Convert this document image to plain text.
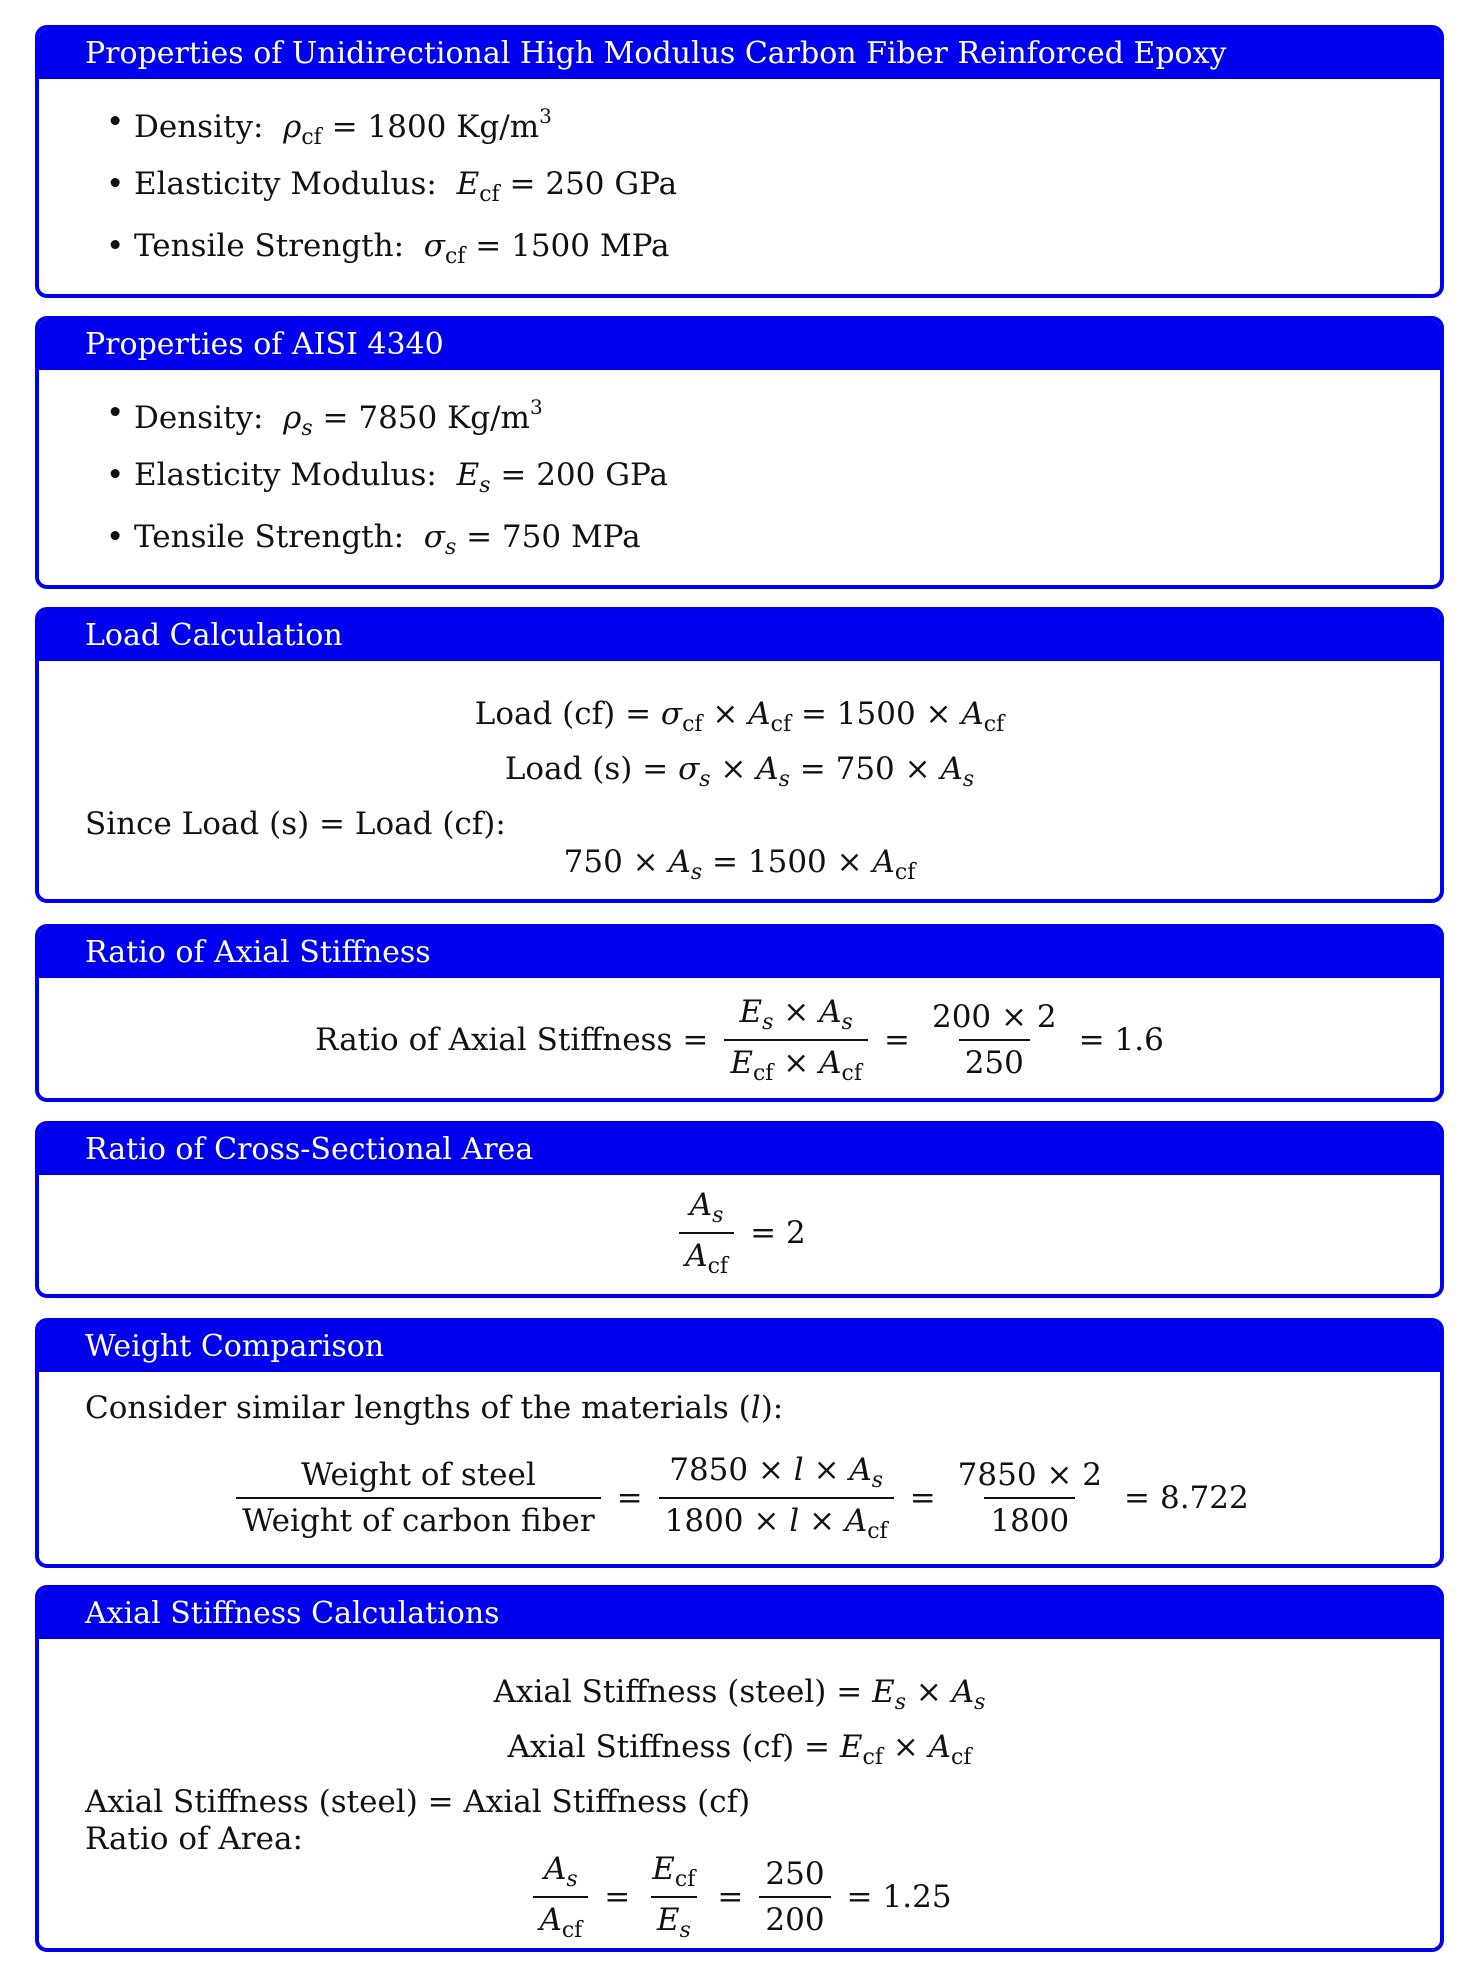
Properties of Unidirectional High Modulus Carbon Fiber Reinforced Epoxy
• Density:  $\rho_{cf} = 1800$ $Kg/m^3$
• Elasticity Modulus:  $E_{cf} = 250$ GPa
• Tensile Strength:  $\sigma_{cf} = 1500$ MPa
Properties of AISI 4340
• Density:  $\rho_s = 7850$ $Kg/m^3$
• Elasticity Modulus:  $E_s = 200$ GPa
• Tensile Strength:  $\sigma_s = 750$ MPa
Load Calculation
Load $(cf) = \sigma_{cf} \times A_{cf} = 1500 \times A_{cf}$
Load $(s) = \sigma_s \times A_s = 750 \times A_s$
Since Load (s) = Load (cf):
$750 \times A_s = 1500 \times A_{cf}$
Ratio of Axial Stiffness
Ratio of Axial Stiffness = $\frac{E_s \times A_s}{E_{cf} \times A_{cf}} = \frac{200 \times 2}{250} = 1.6$
Ratio of Cross-Sectional Area
$\frac{A_s}{A_{cf}} = 2$
Weight Comparison
Consider similar lengths of the materials (l):
$\frac{\text{Weight of steel}}{\text{Weight of carbon fiber}} = \frac{7850 \times l \times A_s}{1800 \times l \times A_{cf}} = \frac{7850 \times 2}{1800} = 8.722$
Axial Stiffness Calculations
Axial Stiffness (steel) = $E_s \times A_s$
Axial Stiffness $(cf) = E_{cf} \times A_{cf}$
Axial Stiffness (steel) = Axial Stiffness (cf)
Ratio of Area:
$\frac{A_s}{A_{cf}} = \frac{E_{cf}}{E_s} = \frac{250}{200} = 1.25$
